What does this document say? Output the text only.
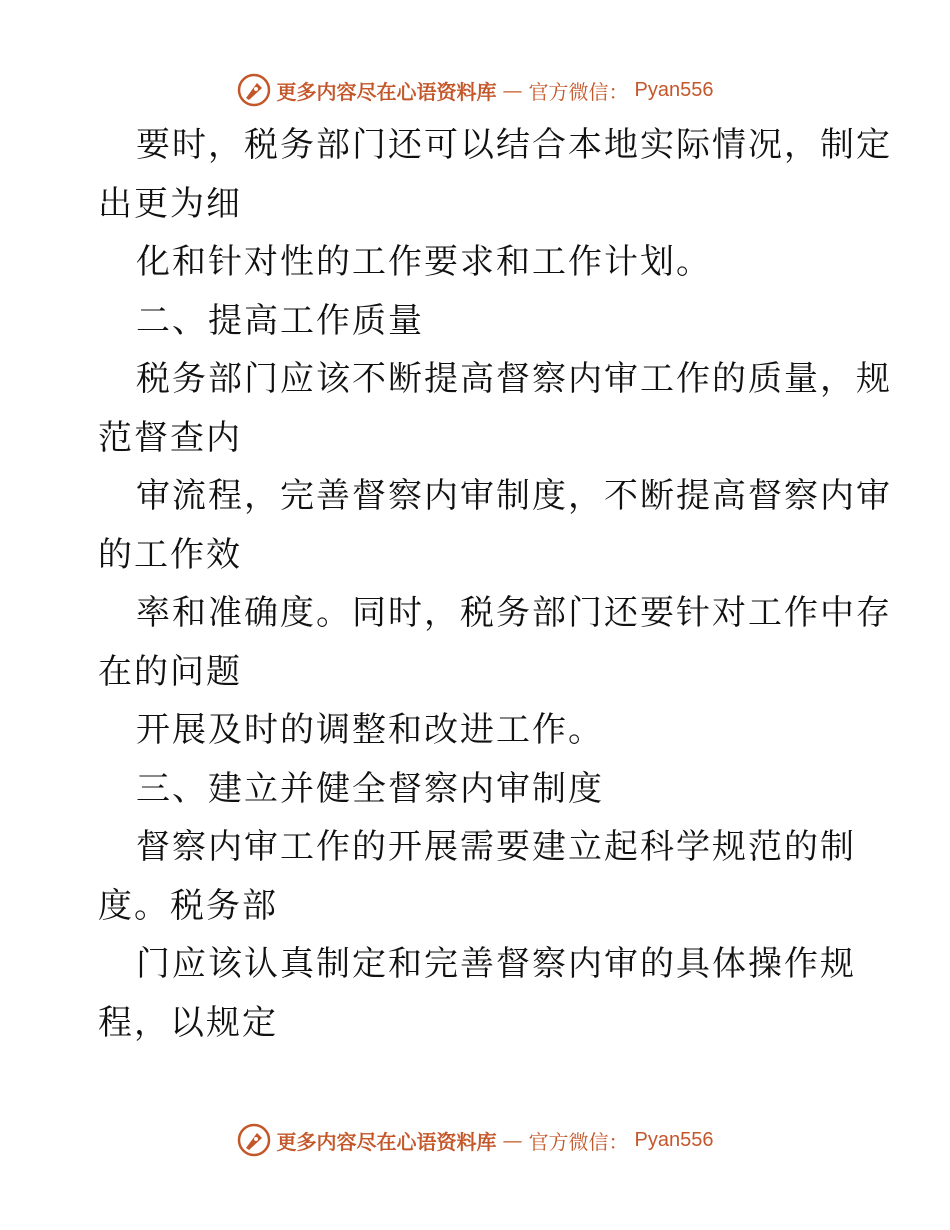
更多内容尽在心语资料库 — 官方微信： Pyan556
要时，税务部门还可以结合本地实际情况，制定
出更为细
化和针对性的工作要求和工作计划。
二、提高工作质量
税务部门应该不断提高督察内审工作的质量，规
范督查内
审流程，完善督察内审制度，不断提高督察内审
的工作效
率和准确度。同时，税务部门还要针对工作中存
在的问题
开展及时的调整和改进工作。
三、建立并健全督察内审制度
督察内审工作的开展需要建立起科学规范的制
度。税务部
门应该认真制定和完善督察内审的具体操作规
程，以规定
更多内容尽在心语资料库 — 官方微信： Pyan556
